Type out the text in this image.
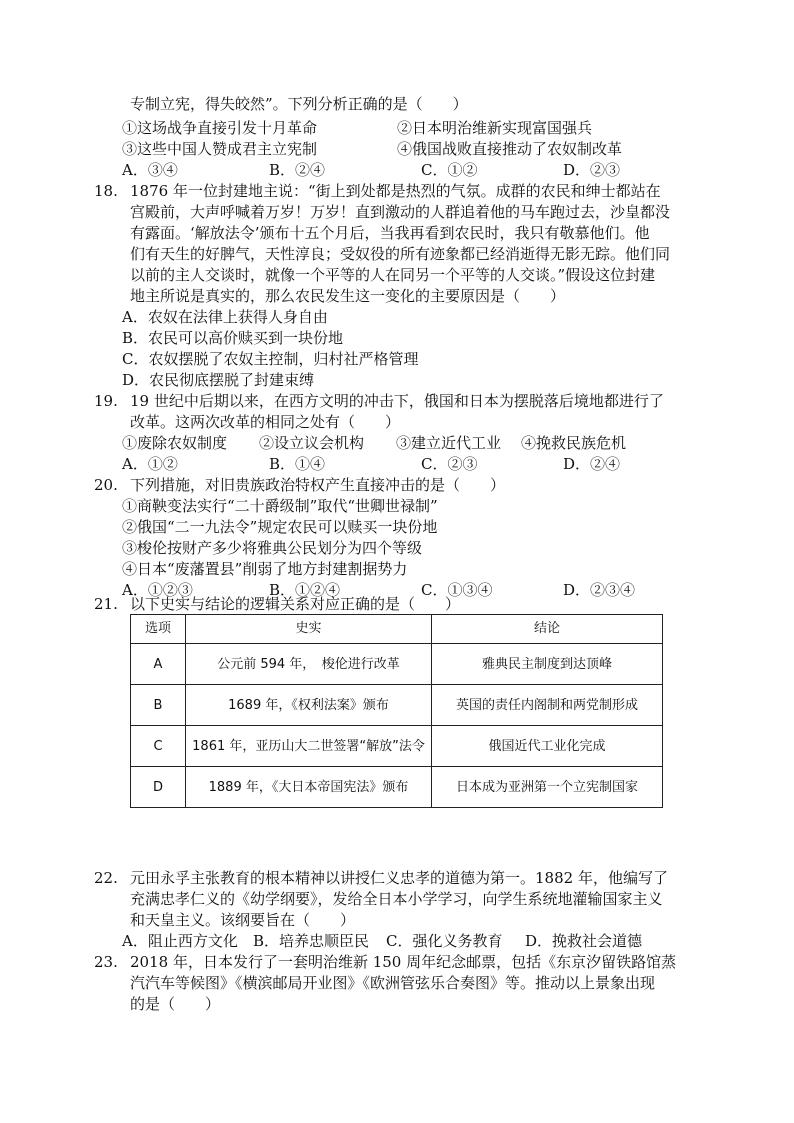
专制立宪，得失皎然”。下列分析正确的是（　　）
①这场战争直接引发十月革命	②日本明治维新实现富国强兵
③这些中国人赞成君主立宪制	④俄国战败直接推动了农奴制改革
A．③④	B．②④	C．①②	D．②③
18. 1876 年一位封建地主说：“街上到处都是热烈的气氛。成群的农民和绅士都站在
宫殿前，大声呼喊着万岁！万岁！直到激动的人群追着他的马车跑过去，沙皇都没
有露面。‘解放法令’颁布十五个月后，当我再看到农民时，我只有敬慕他们。他
们有天生的好脾气，天性淳良；受奴役的所有迹象都已经消逝得无影无踪。他们同
以前的主人交谈时，就像一个平等的人在同另一个平等的人交谈。”假设这位封建
地主所说是真实的，那么农民发生这一变化的主要原因是（　　）
A．农奴在法律上获得人身自由
B．农民可以高价赎买到一块份地
C．农奴摆脱了农奴主控制，归村社严格管理
D．农民彻底摆脱了封建束缚
19. 19 世纪中后期以来，在西方文明的冲击下，俄国和日本为摆脱落后境地都进行了
改革。这两次改革的相同之处有（　　）
①废除农奴制度 ②设立议会机构 ③建立近代工业 ④挽救民族危机
A．①②	B．①④	C．②③	D．②④
20. 下列措施，对旧贵族政治特权产生直接冲击的是（　　）
①商鞅变法实行“二十爵级制”取代“世卿世禄制”
②俄国“二一九法令”规定农民可以赎买一块份地
③梭伦按财产多少将雅典公民划分为四个等级
④日本“废藩置县”削弱了地方封建割据势力
A．①②③	B．①②④	C．①③④	D．②③④
21. 以下史实与结论的逻辑关系对应正确的是（　　）
选项	史实	结论
A	公元前 594 年，　梭伦进行改革	雅典民主制度到达顶峰
B	1689 年，《权利法案》颁布	英国的责任内阁制和两党制形成
C	1861 年，亚历山大二世签署“解放”法令	俄国近代工业化完成
D	1889 年，《大日本帝国宪法》颁布	日本成为亚洲第一个立宪制国家
22. 元田永孚主张教育的根本精神以讲授仁义忠孝的道德为第一。1882 年，他编写了
充满忠孝仁义的《幼学纲要》，发给全日本小学学习，向学生系统地灌输国家主义
和天皇主义。该纲要旨在（　　）
A．阻止西方文化 B．培养忠顺臣民 C．强化义务教育 D．挽救社会道德
23. 2018 年，日本发行了一套明治维新 150 周年纪念邮票，包括《东京汐留铁路馆蒸
汽汽车等候图》《横滨邮局开业图》《欧洲管弦乐合奏图》等。推动以上景象出现
的是（　　）
